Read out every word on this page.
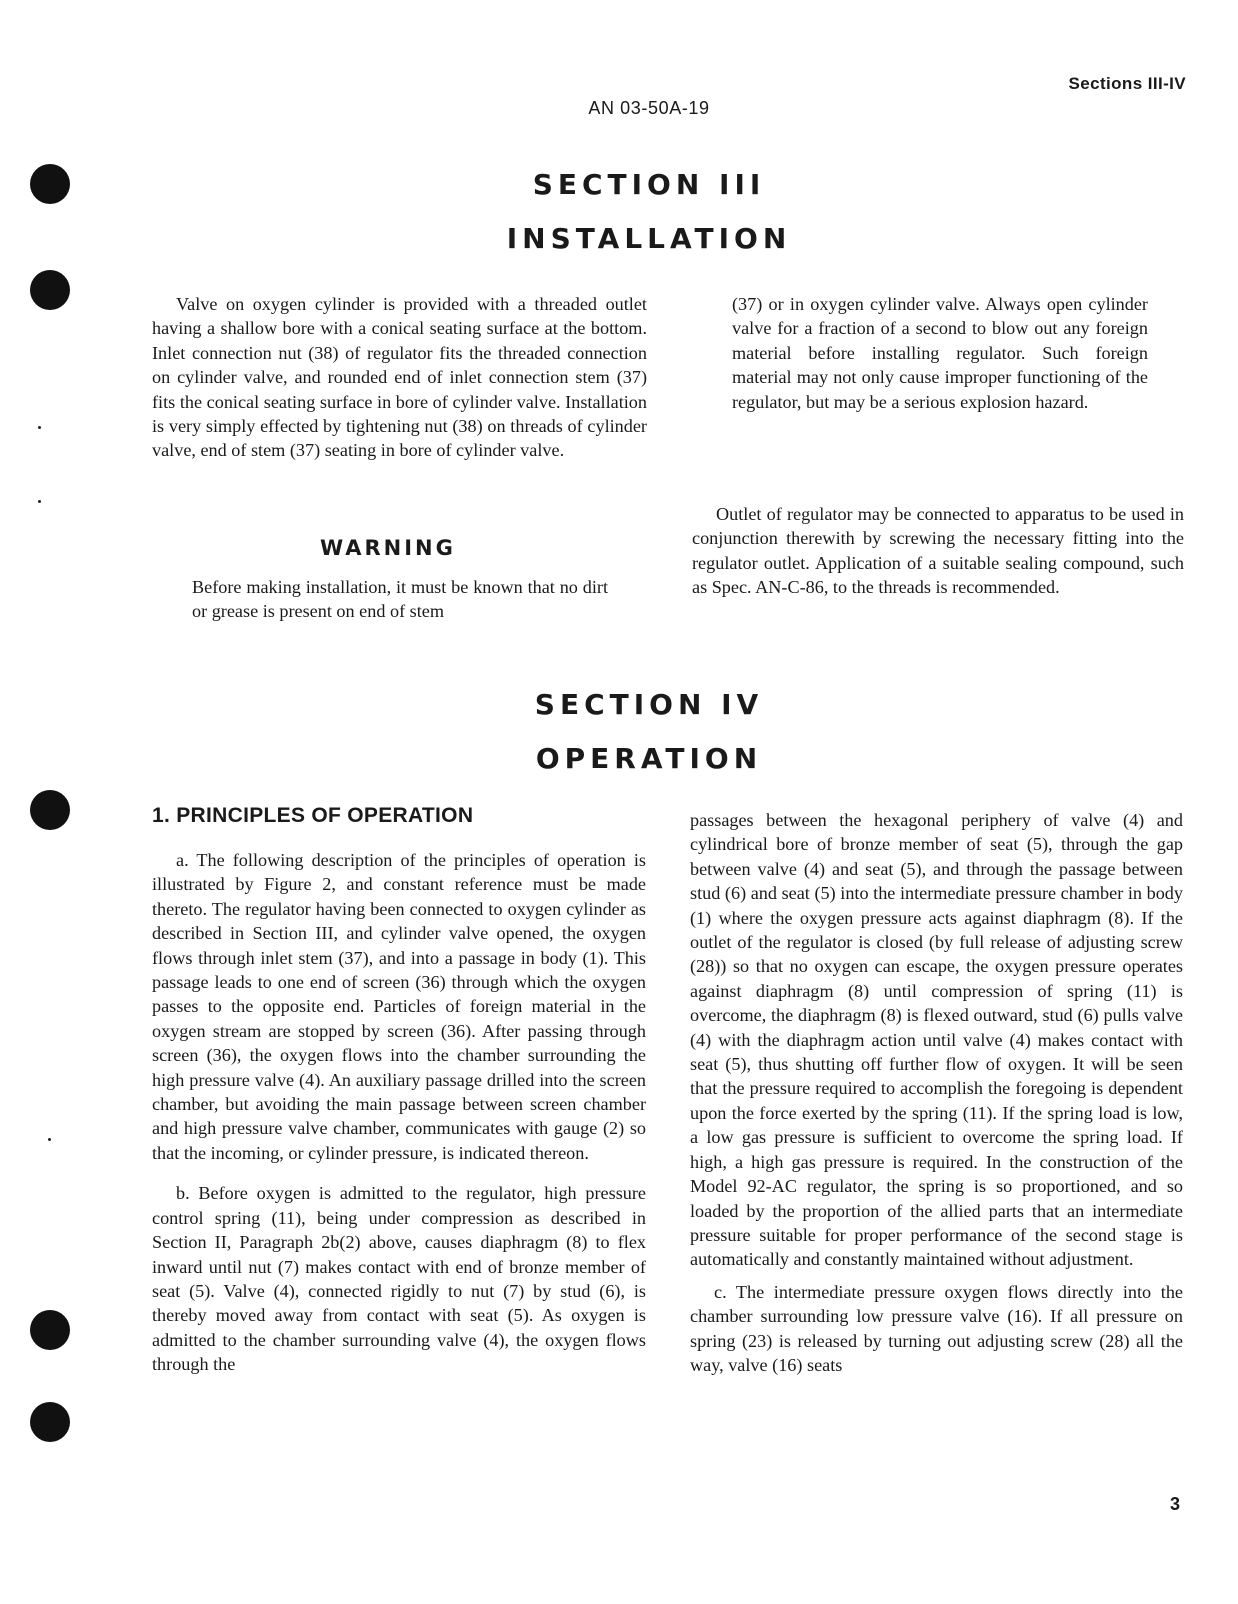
Sections III-IV
AN 03-50A-19
SECTION III
INSTALLATION

Valve on oxygen cylinder is provided with a threaded outlet having a shallow bore with a conical seating surface at the bottom. Inlet connection nut (38) of regulator fits the threaded connection on cylinder valve, and rounded end of inlet connection stem (37) fits the conical seating surface in bore of cylinder valve. Installation is very simply effected by tightening nut (38) on threads of cylinder valve, end of stem (37) seating in bore of cylinder valve.

WARNING

Before making installation, it must be known that no dirt or grease is present on end of stem

(37) or in oxygen cylinder valve. Always open cylinder valve for a fraction of a second to blow out any foreign material before installing regulator. Such foreign material may not only cause improper functioning of the regulator, but may be a serious explosion hazard.

Outlet of regulator may be connected to apparatus to be used in conjunction therewith by screwing the necessary fitting into the regulator outlet. Application of a suitable sealing compound, such as Spec. AN-C-86, to the threads is recommended.

SECTION IV
OPERATION
1. PRINCIPLES OF OPERATION

a. The following description of the principles of operation is illustrated by Figure 2, and constant reference must be made thereto. The regulator having been connected to oxygen cylinder as described in Section III, and cylinder valve opened, the oxygen flows through inlet stem (37), and into a passage in body (1). This passage leads to one end of screen (36) through which the oxygen passes to the opposite end. Particles of foreign material in the oxygen stream are stopped by screen (36). After passing through screen (36), the oxygen flows into the chamber surrounding the high pressure valve (4). An auxiliary passage drilled into the screen chamber, but avoiding the main passage between screen chamber and high pressure valve chamber, communicates with gauge (2) so that the incoming, or cylinder pressure, is indicated thereon.

b. Before oxygen is admitted to the regulator, high pressure control spring (11), being under compression as described in Section II, Paragraph 2b(2) above, causes diaphragm (8) to flex inward until nut (7) makes contact with end of bronze member of seat (5). Valve (4), connected rigidly to nut (7) by stud (6), is thereby moved away from contact with seat (5). As oxygen is admitted to the chamber surrounding valve (4), the oxygen flows through the

passages between the hexagonal periphery of valve (4) and cylindrical bore of bronze member of seat (5), through the gap between valve (4) and seat (5), and through the passage between stud (6) and seat (5) into the intermediate pressure chamber in body (1) where the oxygen pressure acts against diaphragm (8). If the outlet of the regulator is closed (by full release of adjusting screw (28)) so that no oxygen can escape, the oxygen pressure operates against diaphragm (8) until compression of spring (11) is overcome, the diaphragm (8) is flexed outward, stud (6) pulls valve (4) with the diaphragm action until valve (4) makes contact with seat (5), thus shutting off further flow of oxygen. It will be seen that the pressure required to accomplish the foregoing is dependent upon the force exerted by the spring (11). If the spring load is low, a low gas pressure is sufficient to overcome the spring load. If high, a high gas pressure is required. In the construction of the Model 92-AC regulator, the spring is so proportioned, and so loaded by the proportion of the allied parts that an intermediate pressure suitable for proper performance of the second stage is automatically and constantly maintained without adjustment.

c. The intermediate pressure oxygen flows directly into the chamber surrounding low pressure valve (16). If all pressure on spring (23) is released by turning out adjusting screw (28) all the way, valve (16) seats

3
